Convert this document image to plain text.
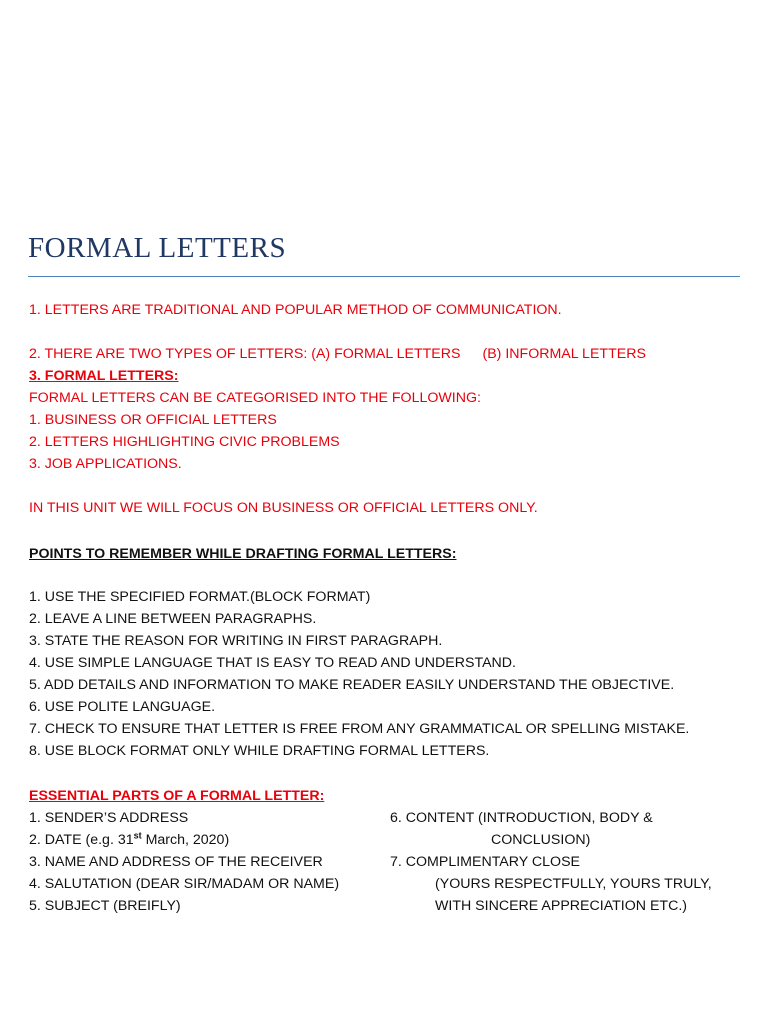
FORMAL LETTERS
1. LETTERS ARE TRADITIONAL AND POPULAR METHOD OF COMMUNICATION.
2. THERE ARE TWO TYPES OF LETTERS: (A) FORMAL LETTERS (B) INFORMAL LETTERS
3. FORMAL LETTERS:
FORMAL LETTERS CAN BE CATEGORISED INTO THE FOLLOWING:
1. BUSINESS OR OFFICIAL LETTERS
2. LETTERS HIGHLIGHTING CIVIC PROBLEMS
3. JOB APPLICATIONS.
IN THIS UNIT WE WILL FOCUS ON BUSINESS OR OFFICIAL LETTERS ONLY.
POINTS TO REMEMBER WHILE DRAFTING FORMAL LETTERS:
1. USE THE SPECIFIED FORMAT.(BLOCK FORMAT)
2. LEAVE A LINE BETWEEN PARAGRAPHS.
3. STATE THE REASON FOR WRITING IN FIRST PARAGRAPH.
4. USE SIMPLE LANGUAGE THAT IS EASY TO READ AND UNDERSTAND.
5. ADD DETAILS AND INFORMATION TO MAKE READER EASILY UNDERSTAND THE OBJECTIVE.
6. USE POLITE LANGUAGE.
7. CHECK TO ENSURE THAT LETTER IS FREE FROM ANY GRAMMATICAL OR SPELLING MISTAKE.
8. USE BLOCK FORMAT ONLY WHILE DRAFTING FORMAL LETTERS.
ESSENTIAL PARTS OF A FORMAL LETTER:
1. SENDER’S ADDRESS
2. DATE (e.g. 31st March, 2020)
3. NAME AND ADDRESS OF THE RECEIVER
4. SALUTATION (DEAR SIR/MADAM OR NAME)
5. SUBJECT (BREIFLY)
6. CONTENT (INTRODUCTION, BODY &
CONCLUSION)
7. COMPLIMENTARY CLOSE
(YOURS RESPECTFULLY, YOURS TRULY,
WITH SINCERE APPRECIATION ETC.)
